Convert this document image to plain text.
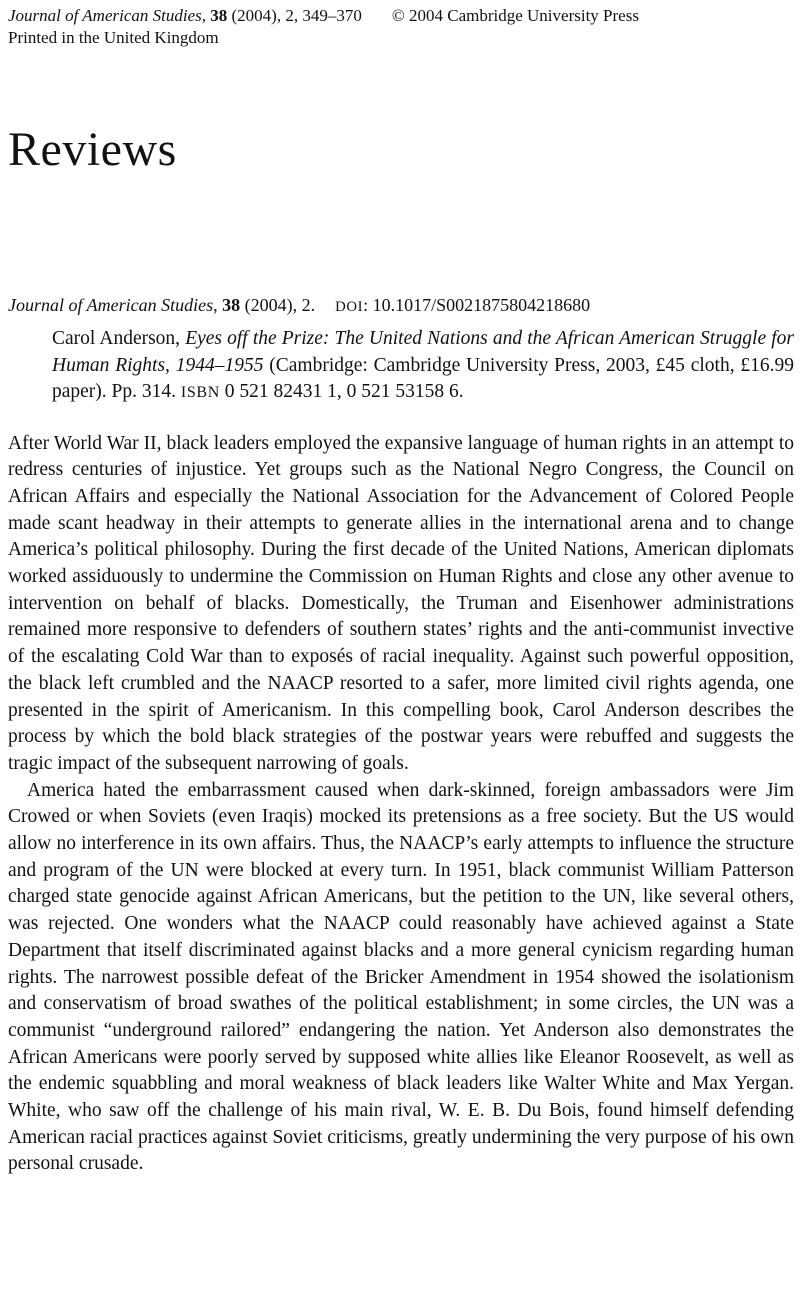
Journal of American Studies, 38 (2004), 2, 349–370 © 2004 Cambridge University Press
Printed in the United Kingdom
Reviews
Journal of American Studies, 38 (2004), 2. DOI: 10.1017/S0021875804218680

Carol Anderson, Eyes off the Prize: The United Nations and the African American Struggle for Human Rights, 1944–1955 (Cambridge: Cambridge University Press, 2003, £45 cloth, £16.99 paper). Pp. 314. ISBN 0 521 82431 1, 0 521 53158 6.

After World War II, black leaders employed the expansive language of human rights in an attempt to redress centuries of injustice. Yet groups such as the National Negro Congress, the Council on African Affairs and especially the National Association for the Advancement of Colored People made scant headway in their attempts to generate allies in the international arena and to change America’s political philosophy. During the first decade of the United Nations, American diplomats worked assiduously to undermine the Commission on Human Rights and close any other avenue to intervention on behalf of blacks. Domestically, the Truman and Eisenhower administrations remained more responsive to defenders of southern states’ rights and the anti-communist invective of the escalating Cold War than to exposés of racial inequality. Against such powerful opposition, the black left crumbled and the NAACP resorted to a safer, more limited civil rights agenda, one presented in the spirit of Americanism. In this compelling book, Carol Anderson describes the process by which the bold black strategies of the postwar years were rebuffed and suggests the tragic impact of the subsequent narrowing of goals.

America hated the embarrassment caused when dark-skinned, foreign ambassadors were Jim Crowed or when Soviets (even Iraqis) mocked its pretensions as a free society. But the US would allow no interference in its own affairs. Thus, the NAACP’s early attempts to influence the structure and program of the UN were blocked at every turn. In 1951, black communist William Patterson charged state genocide against African Americans, but the petition to the UN, like several others, was rejected. One wonders what the NAACP could reasonably have achieved against a State Department that itself discriminated against blacks and a more general cynicism regarding human rights. The narrowest possible defeat of the Bricker Amendment in 1954 showed the isolationism and conservatism of broad swathes of the political establishment; in some circles, the UN was a communist “underground railored” endangering the nation. Yet Anderson also demonstrates the African Americans were poorly served by supposed white allies like Eleanor Roosevelt, as well as the endemic squabbling and moral weakness of black leaders like Walter White and Max Yergan. White, who saw off the challenge of his main rival, W. E. B. Du Bois, found himself defending American racial practices against Soviet criticisms, greatly undermining the very purpose of his own personal crusade.
